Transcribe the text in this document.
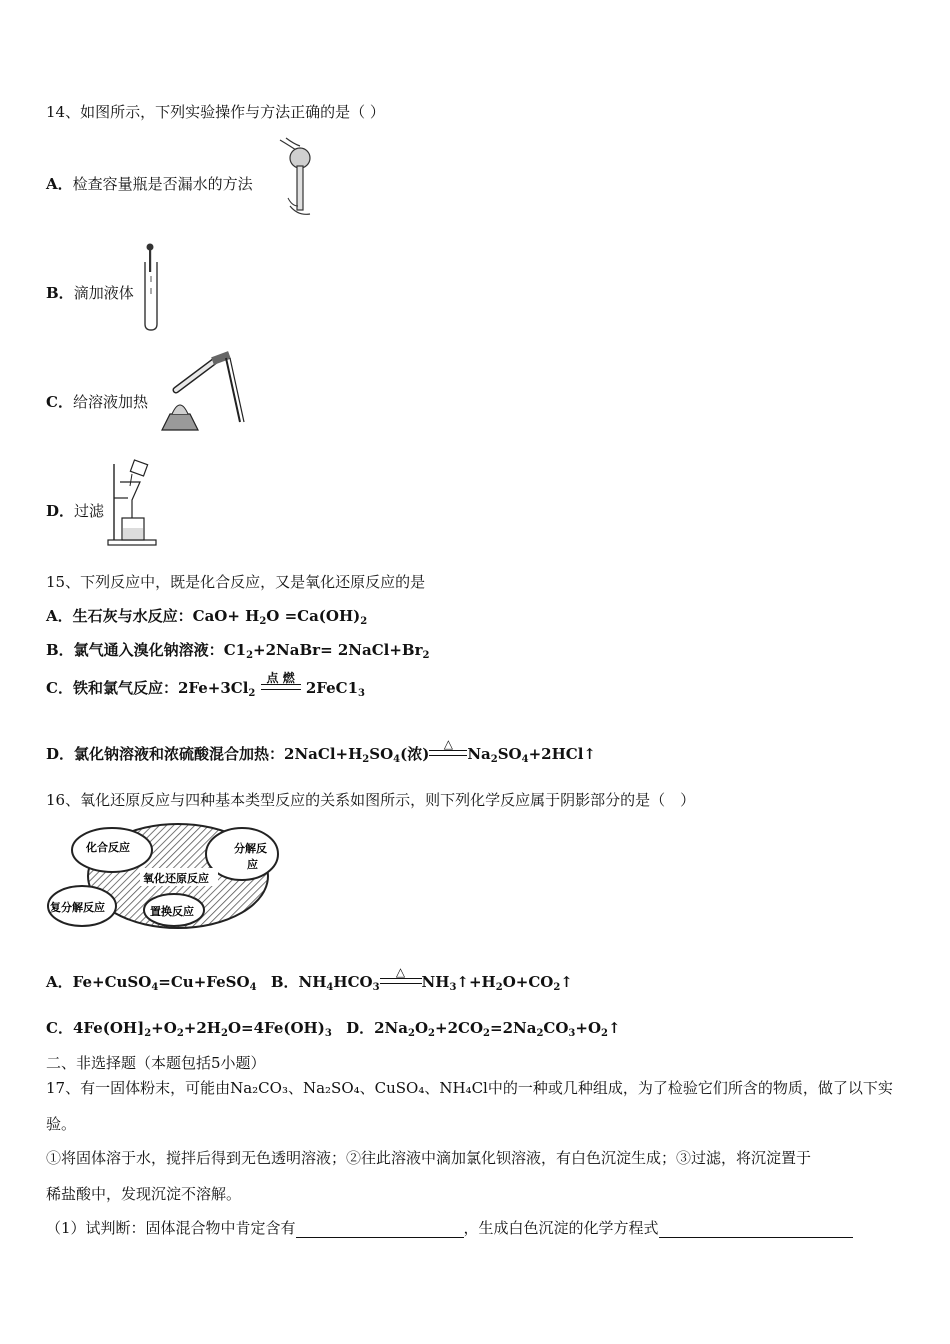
14、如图所示，下列实验操作与方法正确的是（ ）
A．检查容量瓶是否漏水的方法
B．滴加液体
C．给溶液加热
D．过滤
15、下列反应中，既是化合反应，又是氧化还原反应的是
A．生石灰与水反应：$CaO+ H_2O =Ca(OH)_2$
B．氯气通入溴化钠溶液：$C1_2+2NaBr=$ $2NaCl+Br_2$
C．铁和氯气反应：$2Fe+3Cl_2$
点 燃
$2FeC1_3$
D．氯化钠溶液和浓硫酸混合加热：$2NaCl+H_2SO_4$(浓)
△
$Na_2SO_4+2HCl↑$
16、氧化还原反应与四种基本类型反应的关系如图所示，则下列化学反应属于阴影部分的是（　）
化合反应	分解反
应
氧化还原反应
复分解反应	置换反应
A．Fe+CuSO$_4$=Cu+FeSO$_4$ B．$NH_4HCO_3$
△
$NH_3↑+H_2O+CO_2↑$
C．$4Fe(OH]_2+O_2+2H_2O=4Fe(OH)_3$ D．$2Na_2O_2+2CO_2=2Na_2CO_3+O_2↑$
二、非选择题（本题包括5小题）
17、有一固体粉末，可能由Na₂CO₃、Na₂SO₄、CuSO₄、NH₄Cl中的一种或几种组成，为了检验它们所含的物质，做了以下实
验。
①将固体溶于水，搅拌后得到无色透明溶液；②往此溶液中滴加氯化钡溶液，有白色沉淀生成；③过滤，将沉淀置于
稀盐酸中，发现沉淀不溶解。
（1）试判断：固体混合物中肯定含有	，生成白色沉淀的化学方程式
